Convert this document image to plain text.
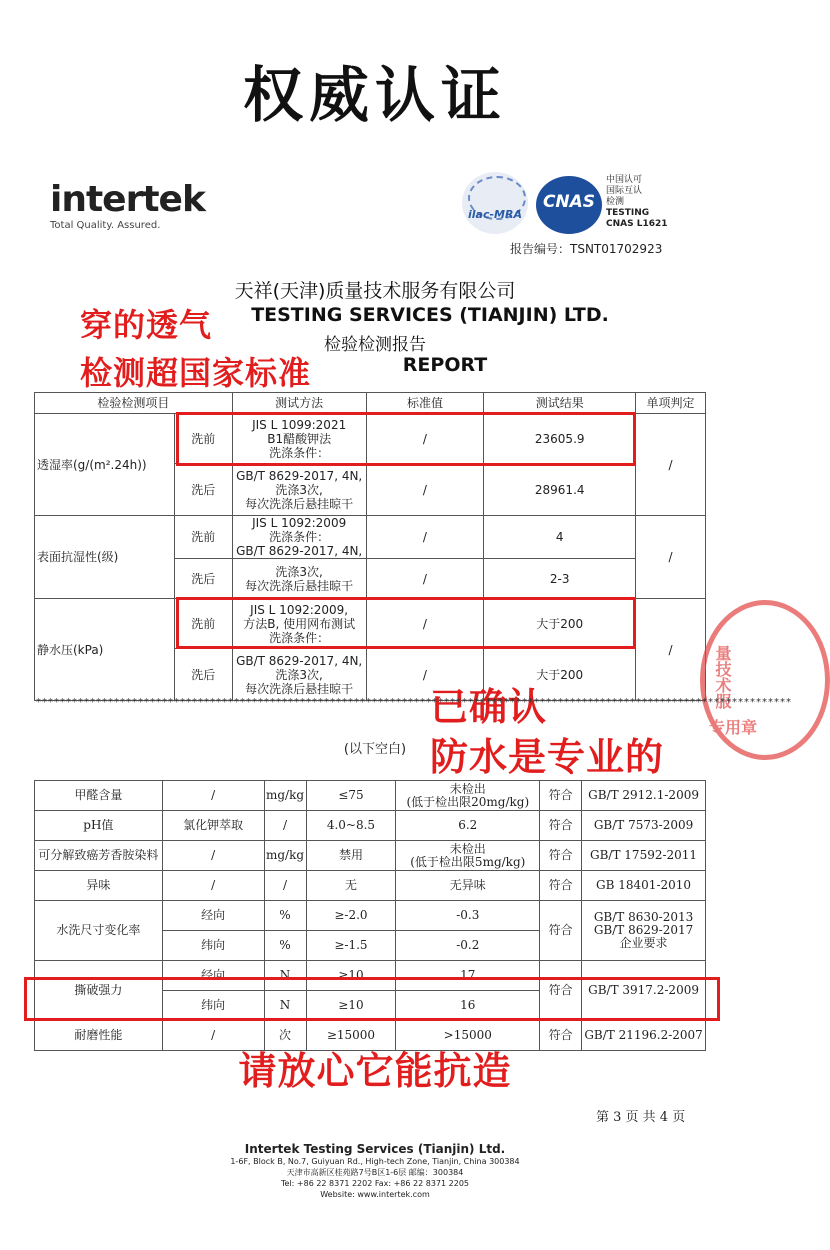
权威认证
intertek
Total Quality. Assured.
ilac-MRA
CNAS
中国认可
国际互认
检测
TESTING
CNAS L1621
报告编号：TSNT01702923
天祥(天津)质量技术服务有限公司
TESTING SERVICES (TIANJIN) LTD.
检验检测报告
REPORT
穿的透气
检测超国家标准
检验检测项目		测试方法	标准值	测试结果	单项判定
透湿率(g/(m².24h))	洗前	JIS L 1099:2021
B1醋酸钾法
洗涤条件：	/	23605.9	/
	洗后	GB/T 8629-2017, 4N,
洗涤3次,
每次洗涤后悬挂晾干	/	28961.4	
表面抗湿性(级)	洗前	JIS L 1092:2009
洗涤条件：
GB/T 8629-2017, 4N,	/	4	/
	洗后	洗涤3次,
每次洗涤后悬挂晾干	/	2-3	
静水压(kPa)	洗前	JIS L 1092:2009,
方法B, 使用网布测试
洗涤条件：	/	大于200	/
	洗后	GB/T 8629-2017, 4N,
洗涤3次,
每次洗涤后悬挂晾干	/	大于200		量技术服
专用章
已确认
防水是专业的
******************************************************************************************************************************
(以下空白)
甲醛含量	/	mg/kg	≤75	未检出
(低于检出限20mg/kg)	符合	GB/T 2912.1-2009
pH值	氯化钾萃取	/	4.0~8.5	6.2	符合	GB/T 7573-2009
可分解致癌芳香胺染料	/	mg/kg	禁用	未检出
(低于检出限5mg/kg)	符合	GB/T 17592-2011
异味	/	/	无	无异味	符合	GB 18401-2010
水洗尺寸变化率	经向	%	≥-2.0	-0.3	符合	GB/T 8630-2013
GB/T 8629-2017
企业要求

	纬向	%	≥-1.5	-0.2		
撕破强力	经向	N	≥10	17	符合	GB/T 3917.2-2009
	纬向	N	≥10	16		
耐磨性能	/	次	≥15000	>15000	符合	GB/T 21196.2-2007
请放心它能抗造
第 3 页 共 4 页
Intertek Testing Services (Tianjin) Ltd.
1-6F, Block B, No.7, Guiyuan Rd., High-tech Zone, Tianjin, China 300384
天津市高新区桂苑路7号B区1-6层 邮编：300384
Tel: +86 22 8371 2202 Fax: +86 22 8371 2205
Website: www.intertek.com
